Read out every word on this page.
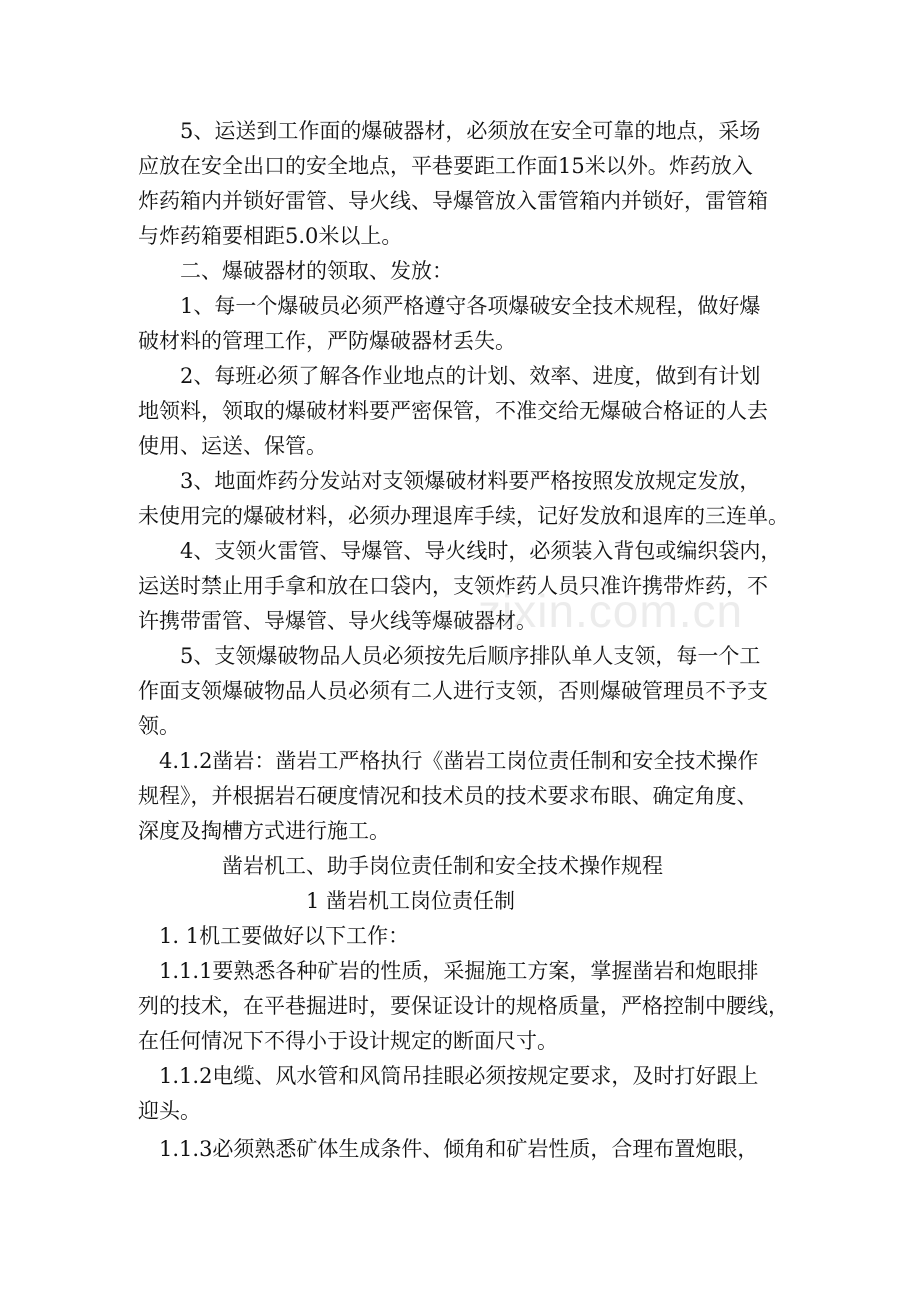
　　5、运送到工作面的爆破器材，必须放在安全可靠的地点，采场
应放在安全出口的安全地点，平巷要距工作面15米以外。炸药放入
炸药箱内并锁好雷管、导火线、导爆管放入雷管箱内并锁好，雷管箱
与炸药箱要相距5.0米以上。
　　二、爆破器材的领取、发放：
　　1、每一个爆破员必须严格遵守各项爆破安全技术规程，做好爆
破材料的管理工作，严防爆破器材丢失。
　　2、每班必须了解各作业地点的计划、效率、进度，做到有计划
地领料，领取的爆破材料要严密保管，不准交给无爆破合格证的人去
使用、运送、保管。
　　3、地面炸药分发站对支领爆破材料要严格按照发放规定发放，
未使用完的爆破材料，必须办理退库手续，记好发放和退库的三连单。
　　4、支领火雷管、导爆管、导火线时，必须装入背包或编织袋内，
运送时禁止用手拿和放在口袋内，支领炸药人员只准许携带炸药，不
许携带雷管、导爆管、导火线等爆破器材。
　　5、支领爆破物品人员必须按先后顺序排队单人支领，每一个工
作面支领爆破物品人员必须有二人进行支领，否则爆破管理员不予支
领。
　4.1.2凿岩：凿岩工严格执行《凿岩工岗位责任制和安全技术操作
规程》，并根据岩石硬度情况和技术员的技术要求布眼、确定角度、
深度及掏槽方式进行施工。
　　　　凿岩机工、助手岗位责任制和安全技术操作规程
　　　　　　　　1 凿岩机工岗位责任制
　1. 1机工要做好以下工作：
　1.1.1要熟悉各种矿岩的性质，采掘施工方案，掌握凿岩和炮眼排
列的技术，在平巷掘进时，要保证设计的规格质量，严格控制中腰线，
在任何情况下不得小于设计规定的断面尺寸。
　1.1.2电缆、风水管和风筒吊挂眼必须按规定要求，及时打好跟上
迎头。
　1.1.3必须熟悉矿体生成条件、倾角和矿岩性质，合理布置炮眼，
zixin.com.cn
